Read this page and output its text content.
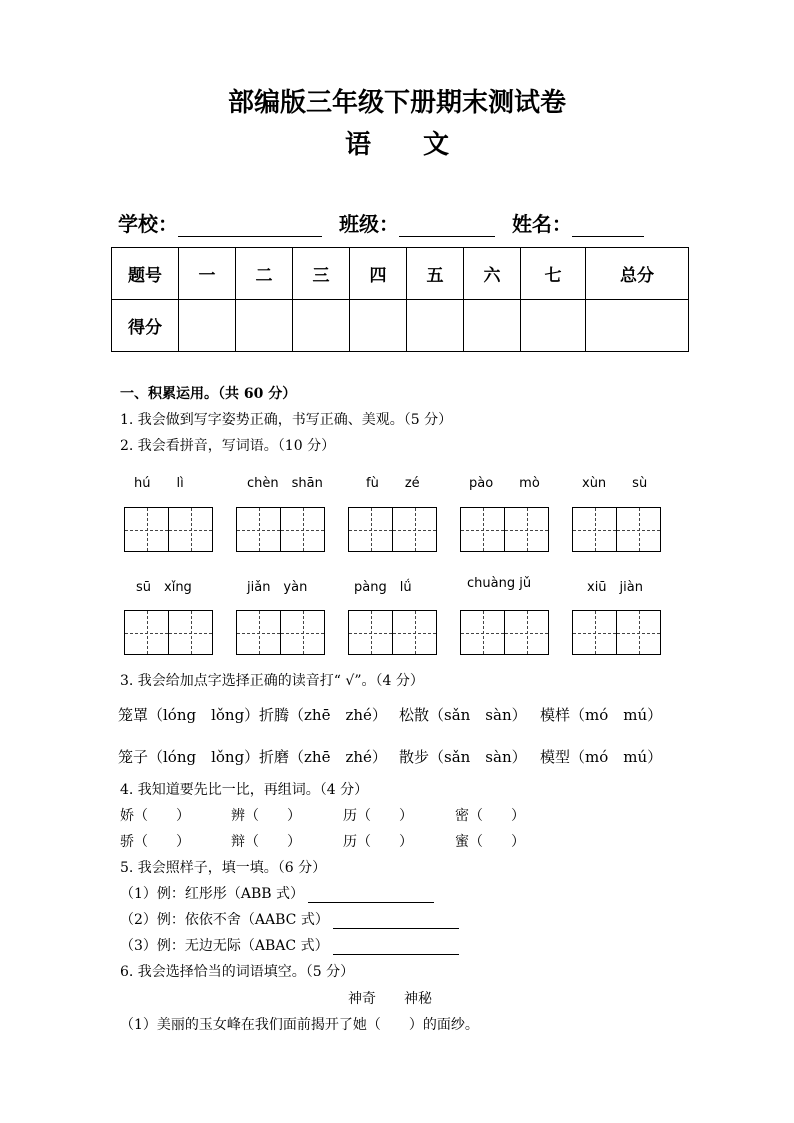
部编版三年级下册期末测试卷
语　　文
学校：	班级：	姓名：
题号	一	二	三	四	五	六	七	总分
得分								
一、积累运用。（共 60 分）
1. 我会做到写字姿势正确，书写正确、美观。（5 分）
2. 我会看拼音，写词语。（10 分）
hú　　lì	chèn　shān	fù　　zé	pào　　mò	xùn　　sù
sū　xǐng	jiǎn　yàn	pàng　lǘ	chuàng jǔ	xiū　jiàn
3. 我会给加点字选择正确的读音打“ √”。（4 分）
笼罩（lóng　lǒng） 折腾（zhē　zhé） 松散（sǎn　sàn） 模样（mó　mú）
笼子（lóng　lǒng） 折磨（zhē　zhé） 散步（sǎn　sàn） 模型（mó　mú）
4. 我知道要先比一比，再组词。（4 分）
娇（　　）	辨（　　）	历（　　）	密（　　）
骄（　　）	辩（　　）	历（　　）	蜜（　　）
5. 我会照样子，填一填。（6 分）
（1）例：红彤彤（ABB 式）
（2）例：依依不舍（AABC 式）
（3）例：无边无际（ABAC 式）
6. 我会选择恰当的词语填空。（5 分）
神奇　　神秘
（1）美丽的玉女峰在我们面前揭开了她（　　）的面纱。
